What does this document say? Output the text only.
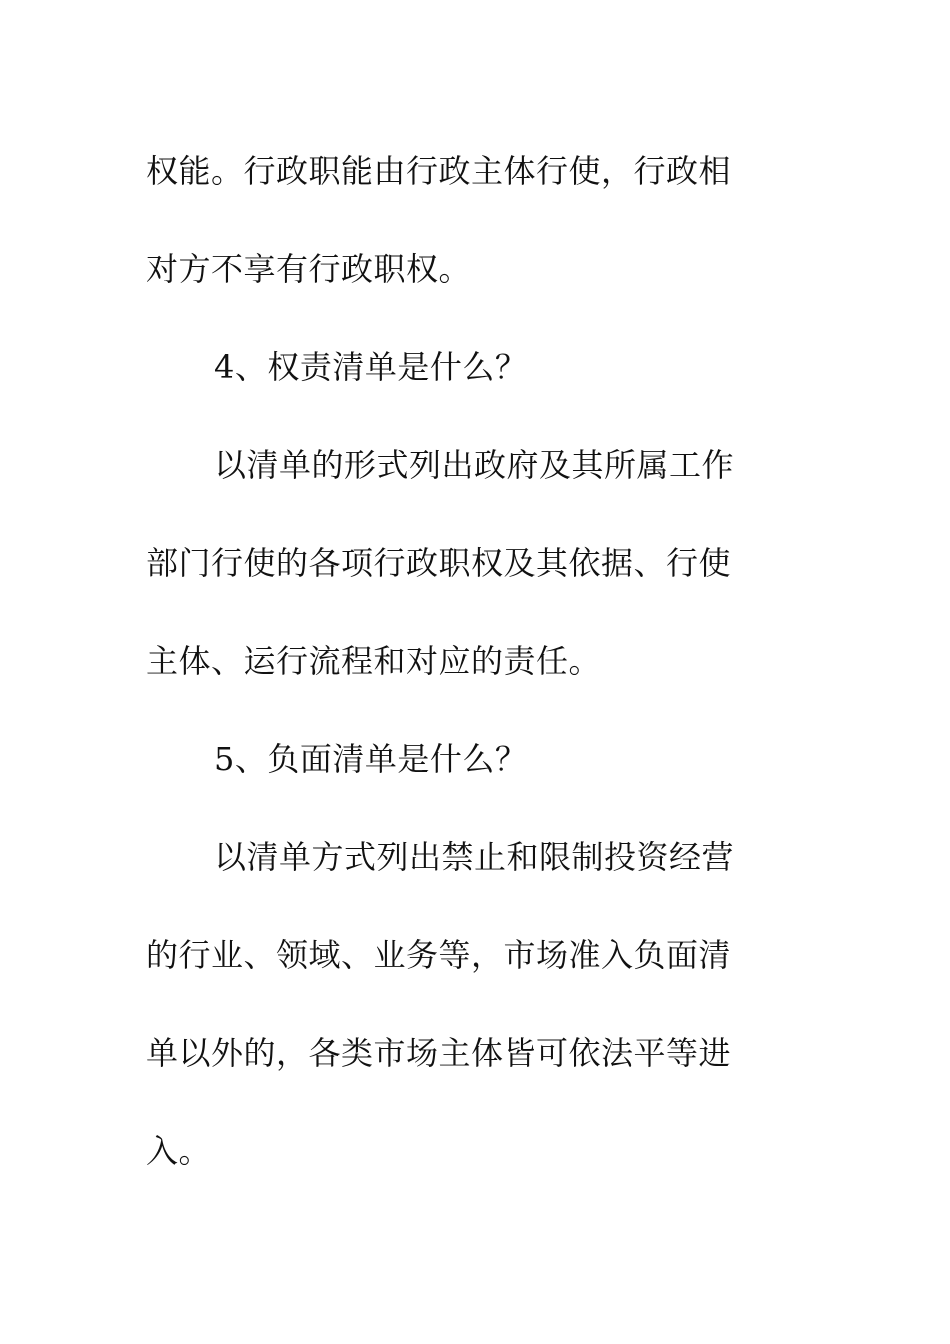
权能。行政职能由行政主体行使，行政相
对方不享有行政职权。
4、权责清单是什么？
以清单的形式列出政府及其所属工作
部门行使的各项行政职权及其依据、行使
主体、运行流程和对应的责任。
5、负面清单是什么？
以清单方式列出禁止和限制投资经营
的行业、领域、业务等，市场准入负面清
单以外的，各类市场主体皆可依法平等进
入。
